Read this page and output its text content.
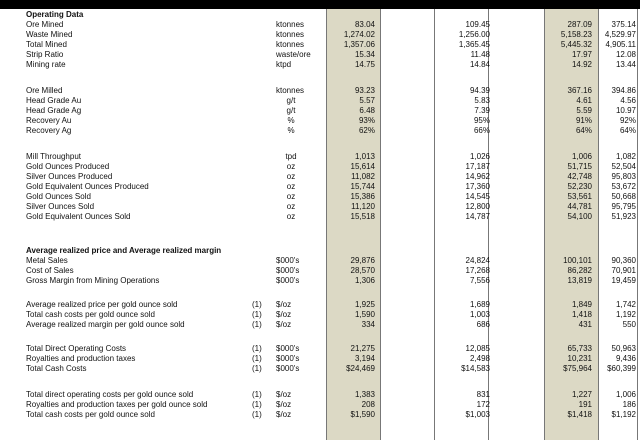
Operating Data
Ore Mined	ktonnes	83.04	109.45	287.09	375.14
Waste Mined	ktonnes	1,274.02	1,256.00	5,158.23	4,529.97
Total Mined	ktonnes	1,357.06	1,365.45	5,445.32	4,905.11
Strip Ratio	waste/ore	15.34	11.48	17.97	12.08
Mining rate	ktpd	14.75	14.84	14.92	13.44
Ore Milled	ktonnes	93.23	94.39	367.16	394.86
Head Grade Au	g/t	5.57	5.83	4.61	4.56
Head Grade Ag	g/t	6.48	7.39	5.59	10.97
Recovery Au	%	93%	95%	91%	92%
Recovery Ag	%	62%	66%	64%	64%
Mill Throughput	tpd	1,013	1,026	1,006	1,082
Gold Ounces Produced	oz	15,614	17,187	51,715	52,504
Silver Ounces Produced	oz	11,082	14,962	42,748	95,803
Gold Equivalent Ounces Produced	oz	15,744	17,360	52,230	53,672
Gold Ounces Sold	oz	15,386	14,545	53,561	50,668
Silver Ounces Sold	oz	11,120	12,800	44,781	95,795
Gold Equivalent Ounces Sold	oz	15,518	14,787	54,100	51,923
Average realized price and Average realized margin
Metal Sales	$000's	29,876	24,824	100,101	90,360
Cost of Sales	$000's	28,570	17,268	86,282	70,901
Gross Margin from Mining Operations	$000's	1,306	7,556	13,819	19,459
Average realized price per gold ounce sold	(1) $/oz	1,925	1,689	1,849	1,742
Total cash costs per gold ounce sold	(1) $/oz	1,590	1,003	1,418	1,192
Average realized margin per gold ounce sold	(1) $/oz	334	686	431	550
Total Direct Operating Costs	(1) $000's	21,275	12,085	65,733	50,963
Royalties and production taxes	(1) $000's	3,194	2,498	10,231	9,436
Total Cash Costs	(1) $000's	$24,469	$14,583	$75,964	$60,399
Total direct operating costs per gold ounce sold	(1) $/oz	1,383	831	1,227	1,006
Royalties and production taxes per gold ounce sold	(1) $/oz	208	172	191	186
Total cash costs per gold ounce sold	(1) $/oz	$1,590	$1,003	$1,418	$1,192
